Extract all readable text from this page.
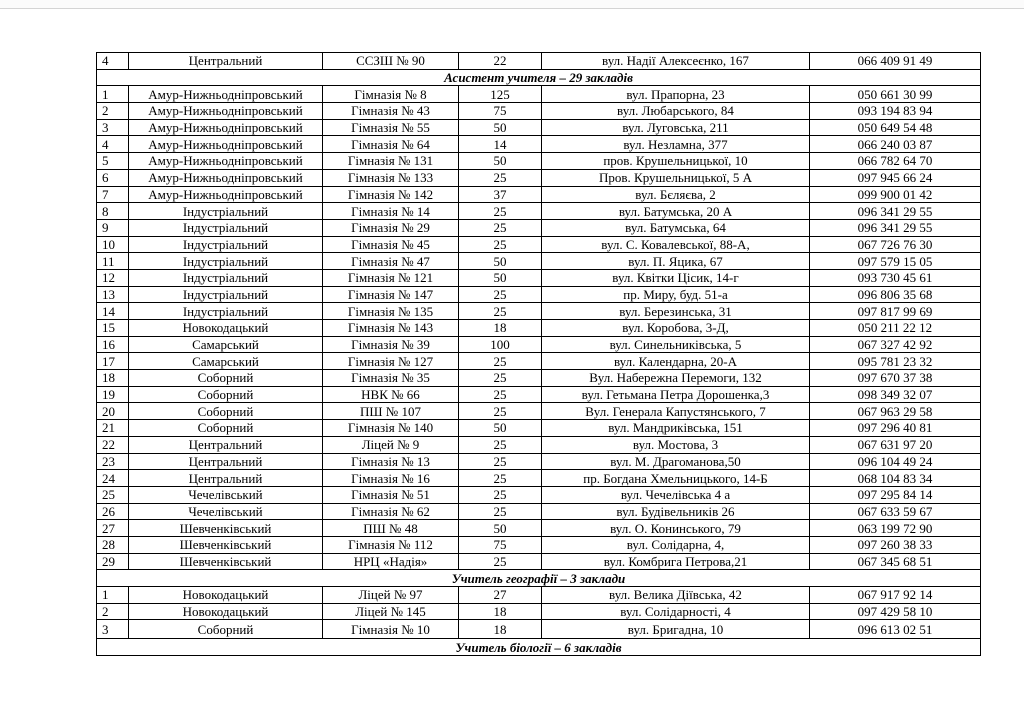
4	Центральний	ССЗШ № 90	22	вул. Надії Алексеєнко, 167	066 409 91 49
Асистент учителя – 29 закладів					
1	Амур-Нижньодніпровський	Гімназія № 8	125	вул. Прапорна, 23	050 661 30 99
2	Амур-Нижньодніпровський	Гімназія № 43	75	вул. Любарського, 84	093 194 83 94
3	Амур-Нижньодніпровський	Гімназія № 55	50	вул. Луговська, 211	050 649 54 48
4	Амур-Нижньодніпровський	Гімназія № 64	14	вул. Незламна, 377	066 240 03 87
5	Амур-Нижньодніпровський	Гімназія № 131	50	пров. Крушельницької, 10	066 782 64 70
6	Амур-Нижньодніпровський	Гімназія № 133	25	Пров. Крушельницької, 5 А	097 945 66 24
7	Амур-Нижньодніпровський	Гімназія № 142	37	вул. Бєляєва, 2	099 900 01 42
8	Індустріальний	Гімназія № 14	25	вул. Батумська, 20 А	096 341 29 55
9	Індустріальний	Гімназія № 29	25	вул. Батумська, 64	096 341 29 55
10	Індустріальний	Гімназія № 45	25	вул. С. Ковалевської, 88-А,	067 726 76 30
11	Індустріальний	Гімназія № 47	50	вул. П. Яцика, 67	097 579 15 05
12	Індустріальний	Гімназія № 121	50	вул. Квітки Цісик, 14-г	093 730 45 61
13	Індустріальний	Гімназія № 147	25	пр. Миру, буд. 51-а	096 806 35 68
14	Індустріальний	Гімназія № 135	25	вул. Березинська, 31	097 817 99 69
15	Новокодацький	Гімназія № 143	18	вул. Коробова, 3-Д,	050 211 22 12
16	Самарський	Гімназія № 39	100	вул. Синельниківська, 5	067 327 42 92
17	Самарський	Гімназія № 127	25	вул. Календарна, 20-А	095 781 23 32
18	Соборний	Гімназія № 35	25	Вул. Набережна Перемоги, 132	097 670 37 38
19	Соборний	НВК № 66	25	вул. Гетьмана Петра Дорошенка,3	098 349 32 07
20	Соборний	ПШ № 107	25	Вул. Генерала Капустянського, 7	067 963 29 58
21	Соборний	Гімназія № 140	50	вул. Мандриківська, 151	097 296 40 81
22	Центральний	Ліцей № 9	25	вул. Мостова, 3	067 631 97 20
23	Центральний	Гімназія № 13	25	вул. М. Драгоманова,50	096 104 49 24
24	Центральний	Гімназія № 16	25	пр. Богдана Хмельницького, 14-Б	068 104 83 34
25	Чечелівський	Гімназія № 51	25	вул. Чечелівська 4 а	097 295 84 14
26	Чечелівський	Гімназія № 62	25	вул. Будівельників 26	067 633 59 67
27	Шевченківський	ПШ № 48	50	вул. О. Конинського, 79	063 199 72 90
28	Шевченківський	Гімназія № 112	75	вул. Солідарна, 4,	097 260 38 33
29	Шевченківський	НРЦ «Надія»	25	вул. Комбрига Петрова,21	067 345 68 51
Учитель географії – 3 заклади					
1	Новокодацький	Ліцей № 97	27	вул. Велика Діївська, 42	067 917 92 14
2	Новокодацький	Ліцей № 145	18	вул. Солідарності, 4	097 429 58 10
3	Соборний	Гімназія № 10	18	вул. Бригадна, 10	096 613 02 51
Учитель біології – 6 закладів					
